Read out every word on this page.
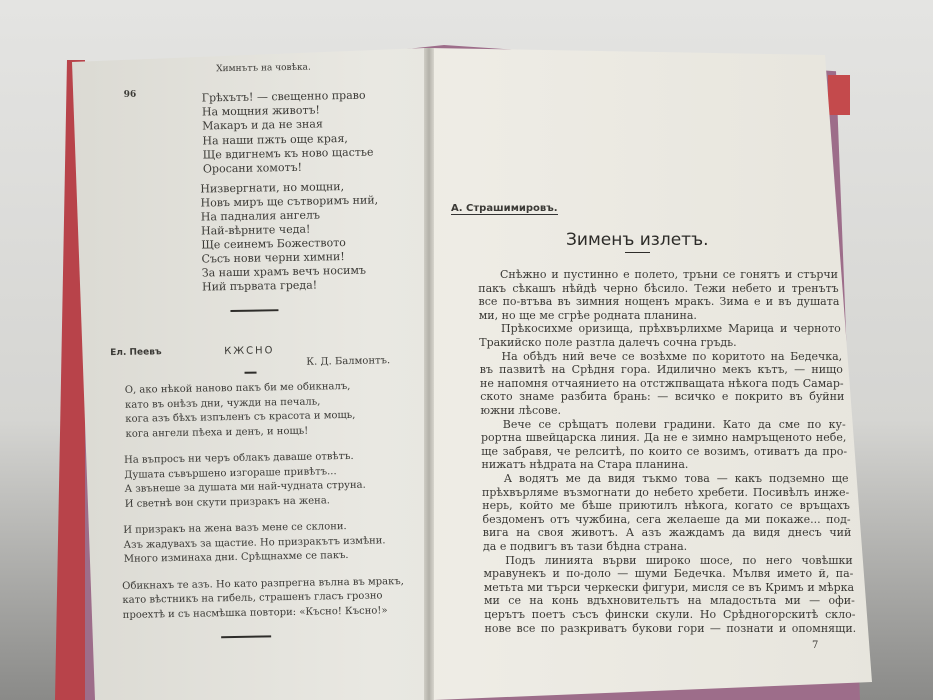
Химнътъ на човѣка.
96	Грѣхътъ! — свещенно право
На мощния животъ!
Макаръ и да не зная
На наши пжть още края,
Ще вдигнемъ къ ново щастье
Оросани хомотъ!
Низвергнати, но мощни,
Новъ миръ ще сътворимъ ний,
На падналия ангелъ
Най-вѣрните чеда!
Ще сеинемъ Божеството
Съсъ нови черни химни!
За наши храмъ вечъ носимъ
Ний първата греда!
Ел. Пеевъ	КЖСНО
К. Д. Балмонтъ.
О, ако нѣкой наново пакъ би ме обикналъ,
като въ онѣзъ дни, чужди на печаль,
кога азъ бѣхъ изпъленъ съ красота и мощь,
кога ангели пѣеха и денъ, и нощь!
На въпросъ ни черъ облакъ даваше отвѣтъ.
Душата съвършено изгораше привѣтъ...
А звънеше за душата ми най-чудната струна.
И светнѣ вон скути призракъ на жена.
И призракъ на жена вазъ мене се склони.
Азъ жадувахъ за щастие. Но призракътъ измѣни.
Много изминаха дни. Срѣщнахме се пакъ.
Обикнахъ те азъ. Но като разпрегна вълна въ мракъ,
като вѣстникъ на гибель, страшенъ гласъ грозно
проехтѣ и съ насмѣшка повтори: «Късно! Късно!»
А. Страшимировъ.
Зименъ излетъ.
Снѣжно и пустинно е полето, тръни се гонятъ и стърчи
пакъ сѣкашъ нѣйдѣ черно бѣсило. Тежи небето и тренътъ
все по-втъва въ зимния нощенъ мракъ. Зима е и въ душата
ми, но ще ме сгрѣе родната планина.
Прѣкосихме оризища, прѣхвърлихме Марица и черното
Тракийско поле разтла далечъ сочна гръдь.
На обѣдъ ний вече се возѣхме по коритото на Бедечка,
въ пазвитѣ на Срѣдня гора. Идилично мекъ кътъ, — нищо
не напомня отчаянието на отстжпващата нѣкога подъ Самар-
ското знаме разбита брань: — всичко е покрито въ буйни
южни лѣсове.
Вече се срѣщатъ полеви градини. Като да сме по ку-
рортна швейцарска линия. Да не е зимно намръщеното небе,
ще забравя, че релситѣ, по които се возимъ, отиватъ да про-
нижатъ нѣдрата на Стара планина.
А водятъ ме да видя тъкмо това — какъ подземно ще
прѣхвърляме възмогнати до небето хребети. Посивѣлъ инже-
нерь, който ме бѣше приютилъ нѣкога, когато се връщахъ
бездоменъ отъ чужбина, сега желаеше да ми покаже... под-
вига на своя животъ. А азъ жаждамъ да видя днесъ чий
да е подвигъ въ тази бѣдна страна.
Подъ линията върви широко шосе, по него човѣшки
мравунекъ и по-доло — шуми Бедечка. Мълвя името й, па-
метьта ми търси черкески фигури, мисля се въ Кримъ и мѣрка
ми се на конь вдъхновительтъ на младостьта ми — офи-
церътъ поетъ съсъ фински скули. Но Срѣдногорскитѣ скло-
нове все по разкриватъ букови гори — познати и опомнящи.
7
